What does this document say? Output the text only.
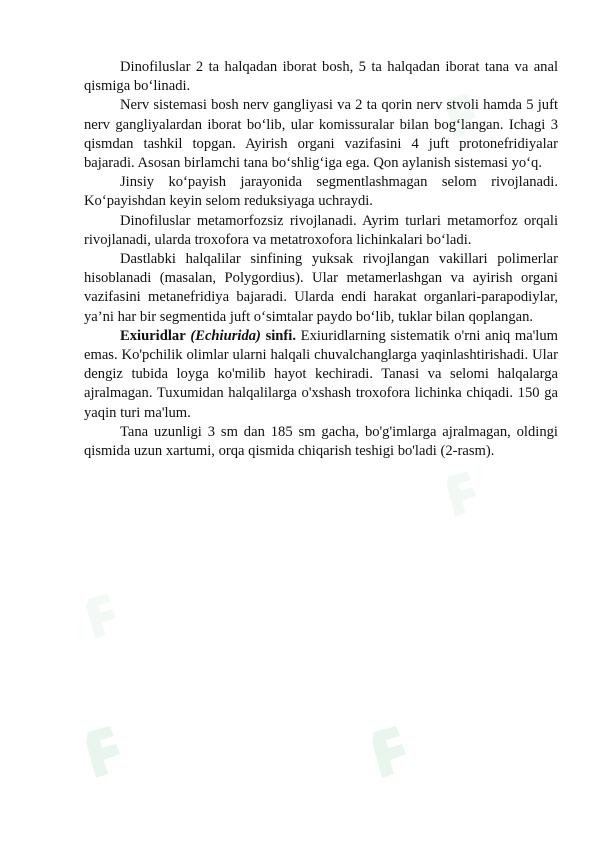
Dinofiluslar 2 ta halqadan iborat bosh, 5 ta halqadan iborat tana va anal qismiga bo‘linadi.

Nerv sistemasi bosh nerv gangliyasi va 2 ta qorin nerv stvoli hamda 5 juft nerv gangliyalardan iborat bo‘lib, ular komissuralar bilan bog‘langan. Ichagi 3 qismdan tashkil topgan. Ayirish organi vazifasini 4 juft protonefridiyalar bajaradi. Asosan birlamchi tana bo‘shlig‘iga ega. Qon aylanish sistemasi yo‘q.

Jinsiy ko‘payish jarayonida segmentlashmagan selom rivojlanadi. Ko‘payishdan keyin selom reduksiyaga uchraydi.

Dinofiluslar metamorfozsiz rivojlanadi. Ayrim turlari metamorfoz orqali rivojlanadi, ularda troxofora va metatroxofora lichinkalari bo‘ladi.

Dastlabki halqalilar sinfining yuksak rivojlangan vakillari polimerlar hisoblanadi (masalan, Polygordius). Ular metamerlashgan va ayirish organi vazifasini metanefridiya bajaradi. Ularda endi harakat organlari-parapodiylar, ya’ni har bir segmentida juft o‘simtalar paydo bo‘lib, tuklar bilan qoplangan.

Exiuridlar (Echiurida) sinfi. Exiuridlarning sistematik o'rni aniq ma'lum emas. Ko'pchilik olimlar ularni halqali chuvalchanglarga yaqinlashtirishadi. Ular dengiz tubida loyga ko'milib hayot kechiradi. Tanasi va selomi halqalarga ajralmagan. Tuxumidan halqalilarga o'xshash troxofora lichinka chiqadi. 150 ga yaqin turi ma'lum.

Tana uzunligi 3 sm dan 185 sm gacha, bo'g'imlarga ajralmagan, oldingi qismida uzun xartumi, orqa qismida chiqarish teshigi bo'ladi (2-rasm).
